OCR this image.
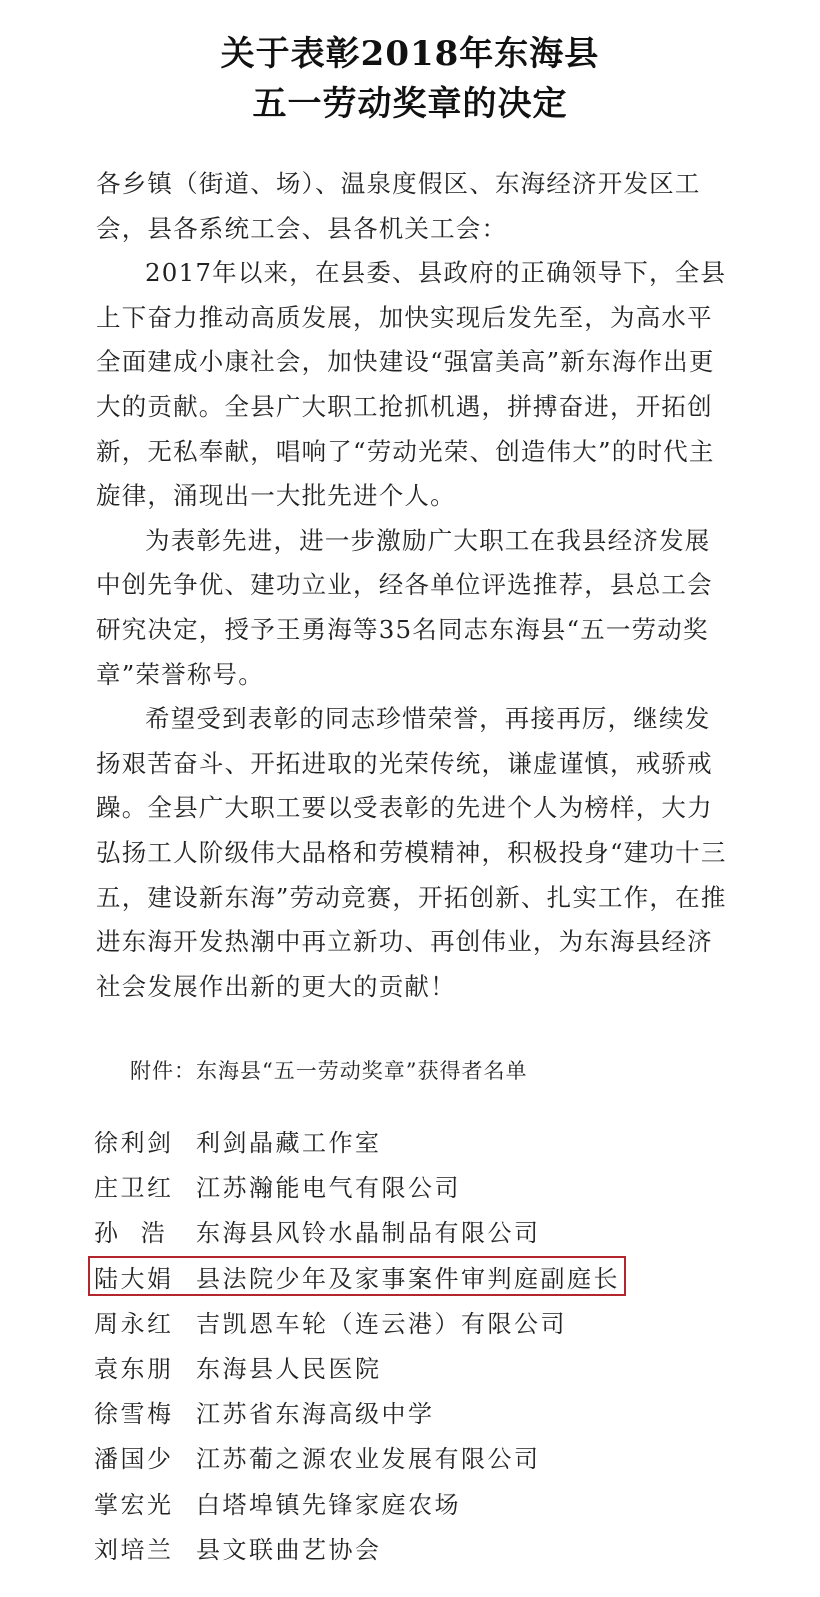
关于表彰2018年东海县
五一劳动奖章的决定

各乡镇（街道、场）、温泉度假区、东海经济开发区工会，县各系统工会、县各机关工会：

2017年以来，在县委、县政府的正确领导下，全县上下奋力推动高质发展，加快实现后发先至，为高水平全面建成小康社会，加快建设“强富美高”新东海作出更大的贡献。全县广大职工抢抓机遇，拼搏奋进，开拓创新，无私奉献，唱响了“劳动光荣、创造伟大”的时代主旋律，涌现出一大批先进个人。

为表彰先进，进一步激励广大职工在我县经济发展中创先争优、建功立业，经各单位评选推荐，县总工会研究决定，授予王勇海等35名同志东海县“五一劳动奖章”荣誉称号。

希望受到表彰的同志珍惜荣誉，再接再厉，继续发扬艰苦奋斗、开拓进取的光荣传统，谦虚谨慎，戒骄戒躁。全县广大职工要以受表彰的先进个人为榜样，大力弘扬工人阶级伟大品格和劳模精神，积极投身“建功十三五，建设新东海”劳动竞赛，开拓创新、扎实工作，在推进东海开发热潮中再立新功、再创伟业，为东海县经济社会发展作出新的更大的贡献！

附件：东海县“五一劳动奖章”获得者名单
徐利剑 利剑晶藏工作室
庄卫红 江苏瀚能电气有限公司
孙  浩	东海县风铃水晶制品有限公司
陆大娟 县法院少年及家事案件审判庭副庭长
周永红 吉凯恩车轮（连云港）有限公司
袁东朋 东海县人民医院
徐雪梅 江苏省东海高级中学
潘国少 江苏葡之源农业发展有限公司
掌宏光 白塔埠镇先锋家庭农场
刘培兰 县文联曲艺协会
